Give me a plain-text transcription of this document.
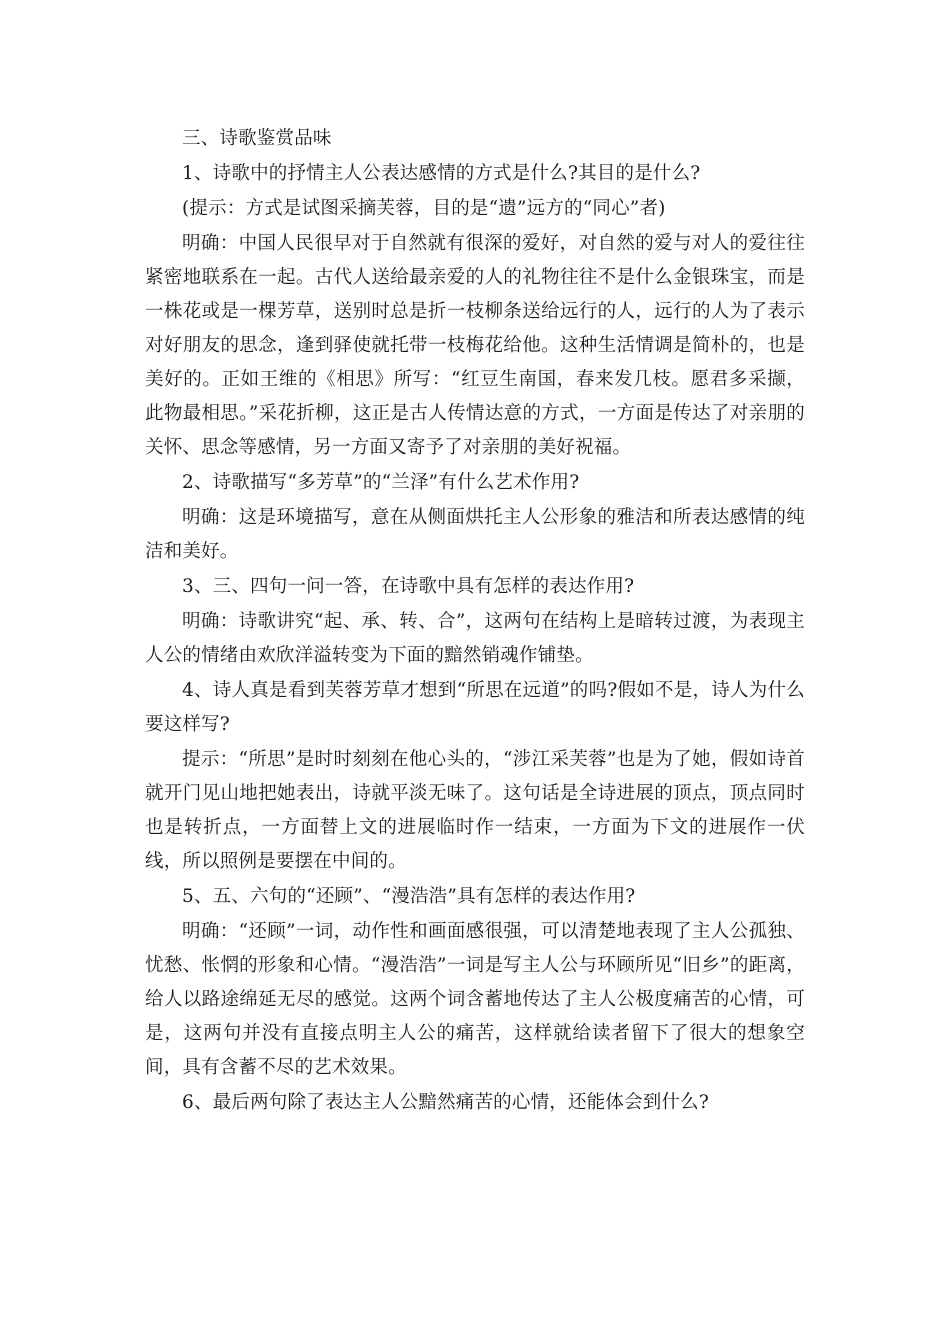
三、诗歌鉴赏品味

1、诗歌中的抒情主人公表达感情的方式是什么?其目的是什么?

(提示：方式是试图采摘芙蓉，目的是“遗”远方的“同心”者)

明确：中国人民很早对于自然就有很深的爱好，对自然的爱与对人的爱往往紧密地联系在一起。古代人送给最亲爱的人的礼物往往不是什么金银珠宝，而是一株花或是一棵芳草，送别时总是折一枝柳条送给远行的人，远行的人为了表示对好朋友的思念，逢到驿使就托带一枝梅花给他。这种生活情调是简朴的，也是美好的。正如王维的《相思》所写：“红豆生南国，春来发几枝。愿君多采撷，此物最相思。”采花折柳，这正是古人传情达意的方式，一方面是传达了对亲朋的关怀、思念等感情，另一方面又寄予了对亲朋的美好祝福。

2、诗歌描写“多芳草”的“兰泽”有什么艺术作用?

明确：这是环境描写，意在从侧面烘托主人公形象的雅洁和所表达感情的纯洁和美好。

3、三、四句一问一答，在诗歌中具有怎样的表达作用?

明确：诗歌讲究“起、承、转、合”，这两句在结构上是暗转过渡，为表现主人公的情绪由欢欣洋溢转变为下面的黯然销魂作铺垫。

4、诗人真是看到芙蓉芳草才想到“所思在远道”的吗?假如不是，诗人为什么要这样写?

提示：“所思”是时时刻刻在他心头的，“涉江采芙蓉”也是为了她，假如诗首就开门见山地把她表出，诗就平淡无味了。这句话是全诗进展的顶点，顶点同时也是转折点，一方面替上文的进展临时作一结束，一方面为下文的进展作一伏线，所以照例是要摆在中间的。

5、五、六句的“还顾”、“漫浩浩”具有怎样的表达作用?

明确：“还顾”一词，动作性和画面感很强，可以清楚地表现了主人公孤独、忧愁、怅惘的形象和心情。“漫浩浩”一词是写主人公与环顾所见“旧乡”的距离，给人以路途绵延无尽的感觉。这两个词含蓄地传达了主人公极度痛苦的心情，可是，这两句并没有直接点明主人公的痛苦，这样就给读者留下了很大的想象空间，具有含蓄不尽的艺术效果。

6、最后两句除了表达主人公黯然痛苦的心情，还能体会到什么?
